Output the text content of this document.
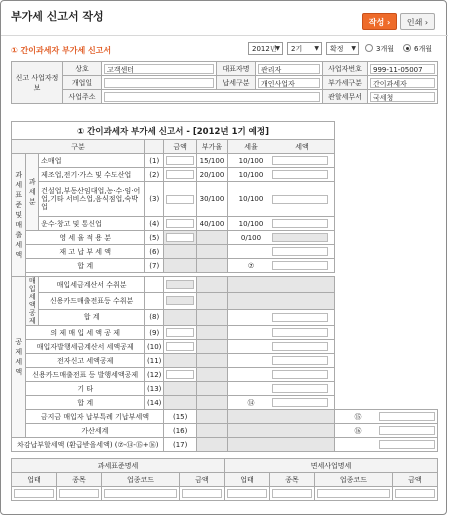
부가세 신고서 작성	작성 ›	인쇄 ›
① 간이과세자 부가세 신고서	2012년
▼	2기 ▼	확정 ▼	3개월	6개월
신고 사업자정보	상호	고객센터	대표자명	관리자	사업자번호	999-11-05007

	개업일		납세구분	개인사업자	부가세구분	간이과세자

	사업주소				관할세무서	국세청
① 간이과세자 부가세 신고서 - [2012년 1기 예정]							
구분				금액	부가율	세율 세액	
과세표준 및 매출세액	과세분	소매업	(1)		15/100	10/100	
		제조업,전기·가스 및 수도산업	(2)		20/100	10/100	
		건설업,부동산임대업,농·수·임·어업,기타 서비스업,음식점업,숙박업	(3)		30/100	10/100	
		운수·창고 및 통신업	(4)		40/100	10/100	
	영 세 율 적 용 분		(5)			0/100	
	재 고 납 부 세 액		(6)				
	합 계		(7)			⑦	

공제세액	매입세액공제	매입세금계산서 수취분			

		신용카드매출전표등 수취분			

		합 계	(8)				
	의 제 매 입 세 액 공 제		(9)		

	매입자발행세금계산서 세액공제		(10)		

	전자신고 세액공제		(11)				
	신용카드매출전표 등 발행세액공제		(12)		

	기 타		(13)				
	합 계		(14)			⑭	
	금지금 매입자 납부특례 기납부세액			(15)			⑮
	가산세계			(16)			⑯
차감납부할세액 (환급받을세액) (⑦-⑭-⑮+⑯)				(17)			
과세표준명세				면세사업명세			
업태	종목	업종코드	금액	업태	종목	업종코드	금액
